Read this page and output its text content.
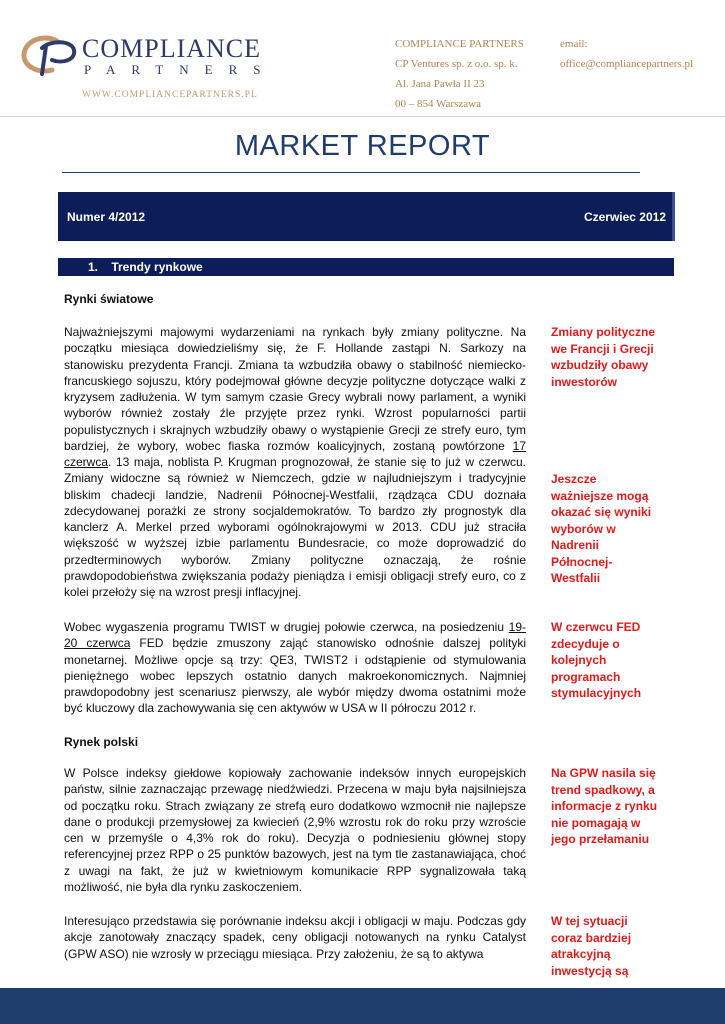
COMPLIANCE
PARTNERS
WWW.COMPLIANCEPARTNERS.PL
COMPLIANCE PARTNERS
CP Ventures sp. z o.o. sp. k.
Al. Jana Pawła II 23
00 – 854 Warszawa
email:
office@compliancepartners.pl
MARKET REPORT
Numer 4/2012	Czerwiec 2012
1.    Trendy rynkowe
Rynki światowe

Najważniejszymi majowymi wydarzeniami na rynkach były zmiany polityczne. Na początku miesiąca dowiedzieliśmy się, że F. Hollande zastąpi N. Sarkozy na stanowisku prezydenta Francji. Zmiana ta wzbudziła obawy o stabilność niemiecko-francuskiego sojuszu, który podejmował główne decyzje polityczne dotyczące walki z kryzysem zadłużenia. W tym samym czasie Grecy wybrali nowy parlament, a wyniki wyborów również zostały źle przyjęte przez rynki. Wzrost popularności partii populistycznych i skrajnych wzbudziły obawy o wystąpienie Grecji ze strefy euro, tym bardziej, że wybory, wobec fiaska rozmów koalicyjnych, zostaną powtórzone 17 czerwca. 13 maja, noblista P. Krugman prognozował, że stanie się to już w czerwcu. Zmiany widoczne są również w Niemczech, gdzie w najludniejszym i tradycyjnie bliskim chadecji landzie, Nadrenii Północnej-Westfalii, rządząca CDU doznała zdecydowanej porażki ze strony socjaldemokratów. To bardzo zły prognostyk dla kanclerz A. Merkel przed wyborami ogólnokrajowymi w 2013. CDU już straciła większość w wyższej izbie parlamentu Bundesracie, co może doprowadzić do przedterminowych wyborów. Zmiany polityczne oznaczają, że rośnie prawdopodobieństwa zwiększania podaży pieniądza i emisji obligacji strefy euro, co z kolei przełoży się na wzrost presji inflacyjnej.

Wobec wygaszenia programu TWIST w drugiej połowie czerwca, na posiedzeniu 19-20 czerwca FED będzie zmuszony zająć stanowisko odnośnie dalszej polityki monetarnej. Możliwe opcje są trzy: QE3, TWIST2 i odstąpienie od stymulowania pieniężnego wobec lepszych ostatnio danych makroekonomicznych. Najmniej prawdopodobny jest scenariusz pierwszy, ale wybór między dwoma ostatnimi może być kluczowy dla zachowywania się cen aktywów w USA w II półroczu 2012 r.

Rynek polski

W Polsce indeksy giełdowe kopiowały zachowanie indeksów innych europejskich państw, silnie zaznaczając przewagę niedźwiedzi. Przecena w maju była najsilniejsza od początku roku. Strach związany ze strefą euro dodatkowo wzmocnił nie najlepsze dane o produkcji przemysłowej za kwiecień (2,9% wzrostu rok do roku przy wzroście cen w przemyśle o 4,3% rok do roku). Decyzja o podniesieniu głównej stopy referencyjnej przez RPP o 25 punktów bazowych, jest na tym tle zastanawiająca, choć z uwagi na fakt, że już w kwietniowym komunikacie RPP sygnalizowała taką możliwość, nie była dla rynku zaskoczeniem.

Interesująco przedstawia się porównanie indeksu akcji i obligacji w maju. Podczas gdy akcje zanotowały znaczący spadek, ceny obligacji notowanych na rynku Catalyst (GPW ASO) nie wzrosły w przeciągu miesiąca. Przy założeniu, że są to aktywa

Zmiany polityczne we Francji i Grecji wzbudziły obawy inwestorów
Jeszcze ważniejsze mogą okazać się wyniki wyborów w Nadrenii Północnej-Westfalii
W czerwcu FED zdecyduje o kolejnych programach stymulacyjnych
Na GPW nasila się trend spadkowy, a informacje z rynku nie pomagają w jego przełamaniu
W tej sytuacji coraz bardziej atrakcyjną inwestycją są
